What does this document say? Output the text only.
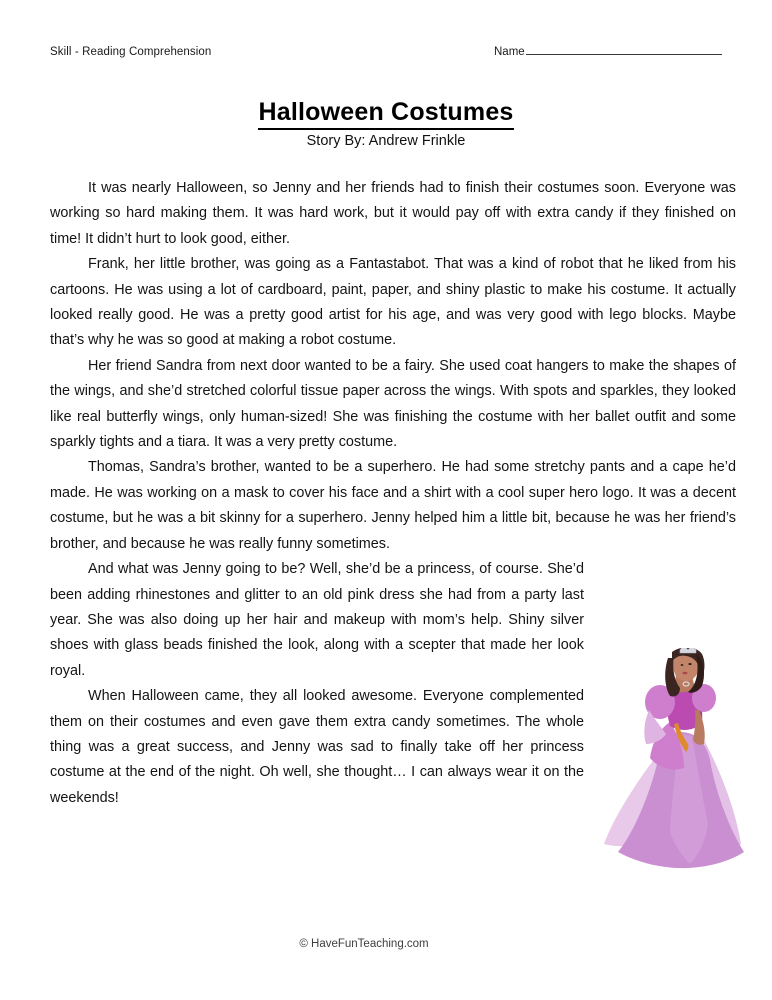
Skill - Reading Comprehension	Name
Halloween Costumes
Story By: Andrew Frinkle

It was nearly Halloween, so Jenny and her friends had to finish their costumes soon. Everyone was working so hard making them. It was hard work, but it would pay off with extra candy if they finished on time! It didn’t hurt to look good, either.

Frank, her little brother, was going as a Fantastabot. That was a kind of robot that he liked from his cartoons. He was using a lot of cardboard, paint, paper, and shiny plastic to make his costume. It actually looked really good. He was a pretty good artist for his age, and was very good with lego blocks. Maybe that’s why he was so good at making a robot costume.

Her friend Sandra from next door wanted to be a fairy. She used coat hangers to make the shapes of the wings, and she’d stretched colorful tissue paper across the wings. With spots and sparkles, they looked like real butterfly wings, only human-sized! She was finishing the costume with her ballet outfit and some sparkly tights and a tiara. It was a very pretty costume.

Thomas, Sandra’s brother, wanted to be a superhero. He had some stretchy pants and a cape he’d made. He was working on a mask to cover his face and a shirt with a cool super hero logo. It was a decent costume, but he was a bit skinny for a superhero. Jenny helped him a little bit, because he was her friend’s brother, and because he was really funny sometimes.

And what was Jenny going to be? Well, she’d be a princess, of course. She’d been adding rhinestones and glitter to an old pink dress she had from a party last year. She was also doing up her hair and makeup with mom’s help. Shiny silver shoes with glass beads finished the look, along with a scepter that made her look royal.

When Halloween came, they all looked awesome. Everyone complemented them on their costumes and even gave them extra candy sometimes. The whole thing was a great success, and Jenny was sad to finally take off her princess costume at the end of the night. Oh well, she thought… I can always wear it on the weekends!

© HaveFunTeaching.com
